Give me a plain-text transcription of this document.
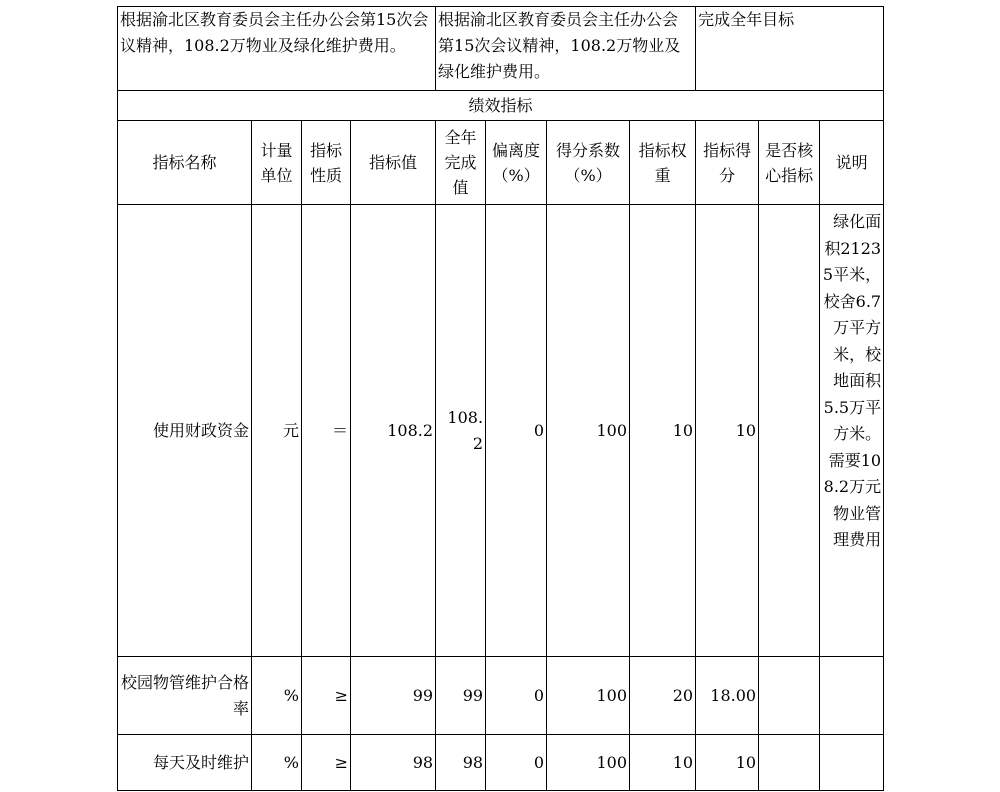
根据渝北区教育委员会主任办公会第15次会议精神，108.2万物业及绿化维护费用。				根据渝北区教育委员会主任办公会第15次会议精神，108.2万物业及绿化维护费用。				完成全年目标		
绩效指标										
指标名称	计量单位	指标性质	指标值	全年完成值	偏离度（%）	得分系数（%）	指标权重	指标得分	是否核心指标	说明
使用财政资金	元	＝	108.2	108.2	0	100	10	10		绿化面积21235平米，校舍6.7万平方米，校地面积5.5万平方米。需要108.2万元物业管理费用
校园物管维护合格率	%	≥	99	99	0	100	20	18.00		
每天及时维护	%	≥	98	98	0	100	10	10		
